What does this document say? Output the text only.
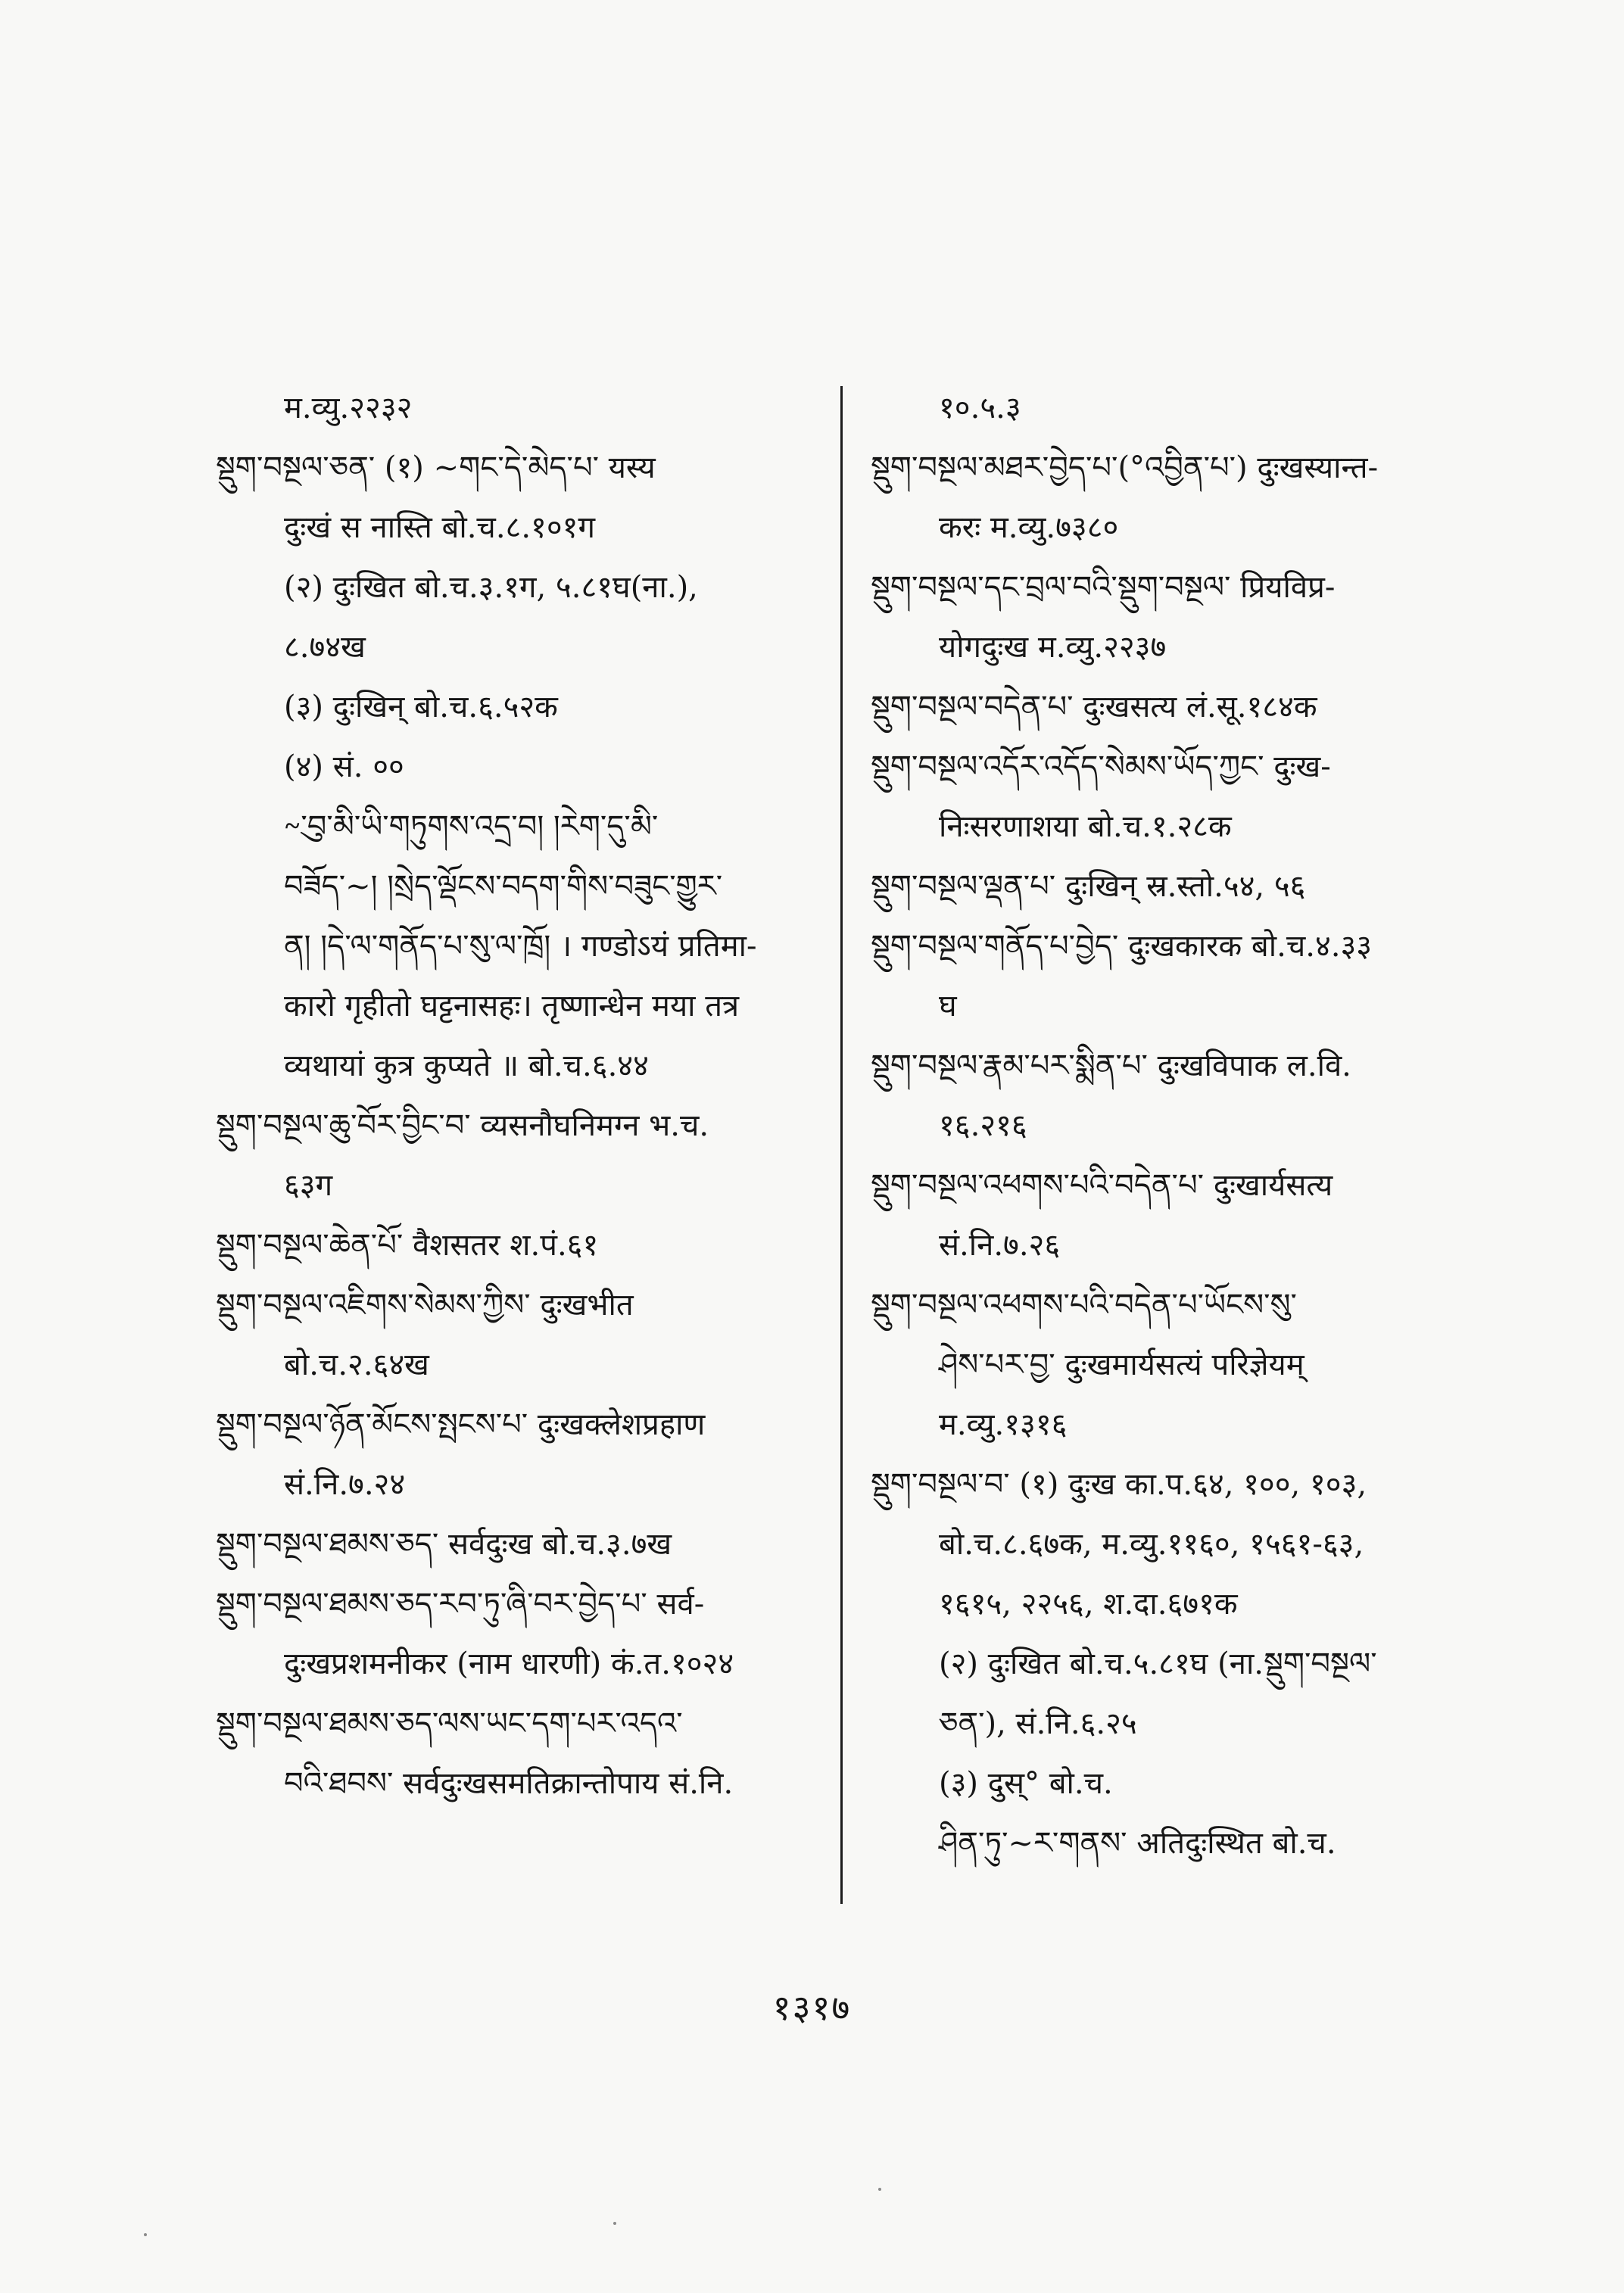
म.व्यु.२२३२
སྡུག་བསྔལ་ཅན་ (१) ~གང་དེ་མེད་པ་ यस्य
दुःखं स नास्ति बो.च.८.१०१ग
(२) दुःखित बो.च.३.१ग, ५.८१घ(ना.),
८.७४ख
(३) दुःखिन् बो.च.६.५२क
(४) सं. ००
~ུ་བ་མི་ཡི་གཏུགས་འདྲ་བ། །རེག་དུ་མི་
བཟོད་~། །སྲེད་ལྡོངས་བདག་གིས་བཟུང་གྱུར་
ན། །དེ་ལ་གནོད་པ་སུ་ལ་ཁྲོ། । गण्डोऽयं प्रतिमा-
कारो गृहीतो घट्टनासहः। तृष्णान्धेन मया तत्र
व्यथायां कुत्र कुप्यते ॥ बो.च.६.४४
སྡུག་བསྔལ་ཆུ་བོར་བྱིང་བ་ व्यसनौघनिमग्न भ.च.
६३ग
སྡུག་བསྔལ་ཆེན་པོ་ वैशसतर श.पं.६१
སྡུག་བསྔལ་འཇིགས་སེམས་ཀྱིས་ दुःखभीत
बो.च.२.६४ख
སྡུག་བསྔལ་ཉོན་མོངས་སྤངས་པ་ दुःखक्लेशप्रहाण
सं.नि.७.२४
སྡུག་བསྔལ་ཐམས་ཅད་ सर्वदुःख बो.च.३.७ख
སྡུག་བསྔལ་ཐམས་ཅད་རབ་ཏུ་ཞི་བར་བྱེད་པ་ सर्व-
दुःखप्रशमनीकर (नाम धारणी) कं.त.१०२४
སྡུག་བསྔལ་ཐམས་ཅད་ལས་ཡང་དག་པར་འདའ་
བའི་ཐབས་ सर्वदुःखसमतिक्रान्तोपाय सं.नि.
१०.५.३
སྡུག་བསྔལ་མཐར་བྱེད་པ་(°འབྱིན་པ་) दुःखस्यान्त-
करः म.व्यु.७३८०
སྡུག་བསྔལ་དང་བྲལ་བའི་སྡུག་བསྔལ་ प्रियविप्र-
योगदुःख म.व्यु.२२३७
སྡུག་བསྔལ་བདེན་པ་ दुःखसत्य लं.सू.१८४क
སྡུག་བསྔལ་འདོར་འདོད་སེམས་ཡོད་ཀྱང་ दुःख-
निःसरणाशया बो.च.१.२८क
སྡུག་བསྔལ་ལྡན་པ་ दुःखिन् स्र.स्तो.५४, ५६
སྡུག་བསྔལ་གནོད་པ་བྱེད་ दुःखकारक बो.च.४.३३
घ
སྡུག་བསྔལ་རྣམ་པར་སྨིན་པ་ दुःखविपाक ल.वि.
१६.२१६
སྡུག་བསྔལ་འཕགས་པའི་བདེན་པ་ दुःखार्यसत्य
सं.नि.७.२६
སྡུག་བསྔལ་འཕགས་པའི་བདེན་པ་ཡོངས་སུ་
ཤེས་པར་བྱ་ दुःखमार्यसत्यं परिज्ञेयम्
म.व्यु.१३१६
སྡུག་བསྔལ་བ་ (१) दुःख का.प.६४, १००, १०३,
बो.च.८.६७क, म.व्यु.११६०, १५६१-६३,
१६१५, २२५६, श.दा.६७१क
(२) दुःखित बो.च.५.८१घ (ना.སྡུག་བསྔལ་
ཅན་), सं.नि.६.२५
(३) दुस्° बो.च.
ཤིན་ཏུ་~ར་གནས་ अतिदुःस्थित बो.च.
१३१७
